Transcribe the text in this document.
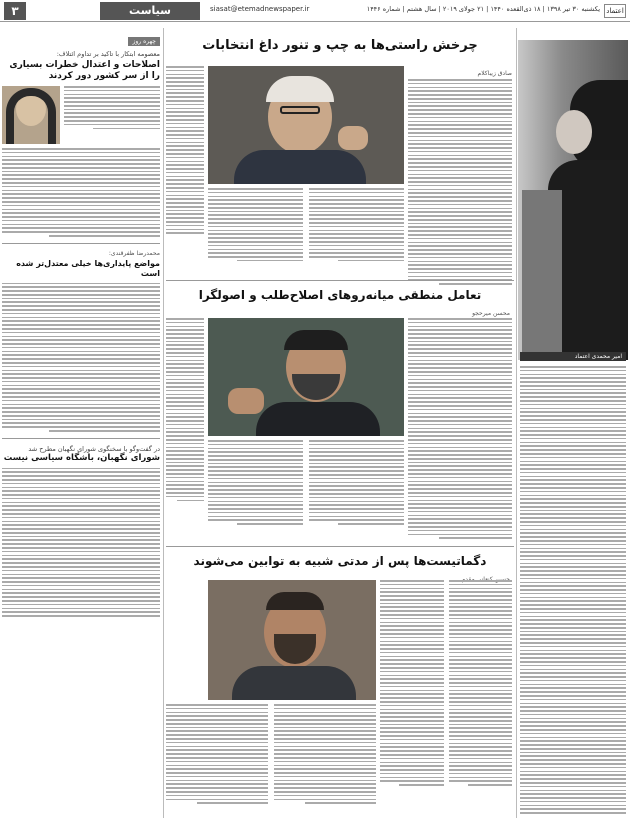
۳	سیاست	siasat@etemadnewspaper.ir	یکشنبه ۳۰ تیر ۱۳۹۸ | ۱۸ ذی‌القعده ۱۴۴۰ | ۲۱ جولای ۲۰۱۹ | سال هشتم | شماره ۱۴۴۶ اعتماد
چهره روز
معصومه ابتکار با تاکید بر تداوم ائتلاف:
اصلاحات و اعتدال خطرات بسیاری را از سر کشور دور کردند
محمدرضا ظفرقندی:
مواضع پایداری‌ها خیلی معتدل‌تر شده است
در گفت‌وگو با سخنگوی شورای نگهبان مطرح شد
شورای نگهبان، باشگاه سیاسی نیست
چرخش راستی‌ها به چپ و تنور داغ انتخابات
صادق زیباکلام
تعامل منطقی میانه‌روهای اصلاح‌طلب و اصولگرا
محسن میرحجو
دگماتیست‌ها پس از مدتی شبیه به توابین می‌شوند
امیر محمدی اعتماد
